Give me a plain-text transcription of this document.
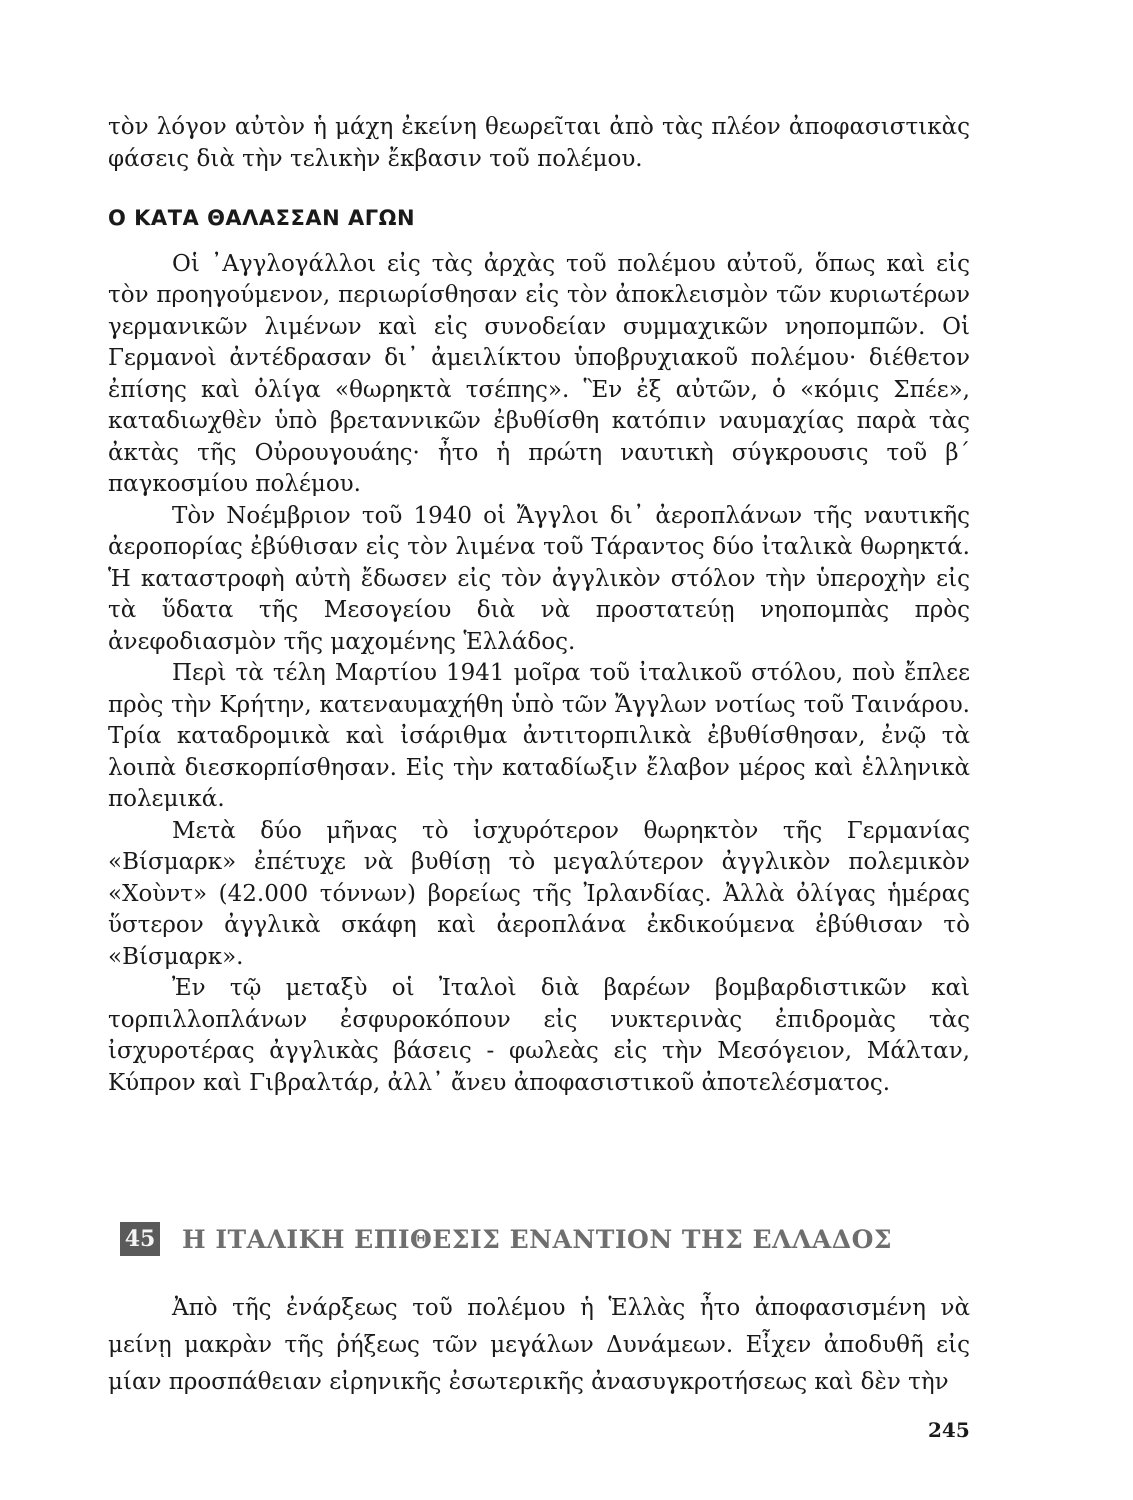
τὸν λόγον αὐτὸν ἡ μάχη ἐκείνη θεωρεῖται ἀπὸ τὰς πλέον ἀποφασιστικὰς φάσεις διὰ τὴν τελικὴν ἔκβασιν τοῦ πολέμου.

Ο ΚΑΤΑ ΘΑΛΑΣΣΑΝ ΑΓΩΝ

Οἱ ᾿Αγγλογάλλοι εἰς τὰς ἀρχὰς τοῦ πολέμου αὐτοῦ, ὅπως καὶ εἰς τὸν προηγούμενον, περιωρίσθησαν εἰς τὸν ἀποκλεισμὸν τῶν κυριωτέρων γερμανικῶν λιμένων καὶ εἰς συνοδείαν συμμαχικῶν νηοπομπῶν. Οἱ Γερμανοὶ ἀντέδρασαν δι᾿ ἀμειλίκτου ὑποβρυχιακοῦ πολέμου· διέθετον ἐπίσης καὶ ὀλίγα «θωρηκτὰ τσέπης». Ἓν ἐξ αὐτῶν, ὁ «κόμις Σπέε», καταδιωχθὲν ὑπὸ βρεταννικῶν ἐβυθίσθη κατόπιν ναυμαχίας παρὰ τὰς ἀκτὰς τῆς Οὐρουγουάης· ἦτο ἡ πρώτη ναυτικὴ σύγκρουσις τοῦ β΄ παγκοσμίου πολέμου.

Τὸν Νοέμβριον τοῦ 1940 οἱ Ἄγγλοι δι᾿ ἀεροπλάνων τῆς ναυτικῆς ἀεροπορίας ἐβύθισαν εἰς τὸν λιμένα τοῦ Τάραντος δύο ἰταλικὰ θωρηκτά. Ἡ καταστροφὴ αὐτὴ ἔδωσεν εἰς τὸν ἀγγλικὸν στόλον τὴν ὑπεροχὴν εἰς τὰ ὕδατα τῆς Μεσογείου διὰ νὰ προστατεύῃ νηοπομπὰς πρὸς ἀνεφοδιασμὸν τῆς μαχομένης Ἑλλάδος.

Περὶ τὰ τέλη Μαρτίου 1941 μοῖρα τοῦ ἰταλικοῦ στόλου, ποὺ ἔπλεε πρὸς τὴν Κρήτην, κατεναυμαχήθη ὑπὸ τῶν Ἄγγλων νοτίως τοῦ Ταινάρου. Τρία καταδρομικὰ καὶ ἰσάριθμα ἀντιτορπιλικὰ ἐβυθίσθησαν, ἐνῷ τὰ λοιπὰ διεσκορπίσθησαν. Εἰς τὴν καταδίωξιν ἔλαβον μέρος καὶ ἑλληνικὰ πολεμικά.

Μετὰ δύο μῆνας τὸ ἰσχυρότερον θωρηκτὸν τῆς Γερμανίας «Βίσμαρκ» ἐπέτυχε νὰ βυθίσῃ τὸ μεγαλύτερον ἀγγλικὸν πολεμικὸν «Χοὺντ» (42.000 τόννων) βορείως τῆς Ἰρλανδίας. Ἀλλὰ ὀλίγας ἡμέρας ὕστερον ἀγγλικὰ σκάφη καὶ ἀεροπλάνα ἐκδικούμενα ἐβύθισαν τὸ «Βίσμαρκ».

Ἐν τῷ μεταξὺ οἱ Ἰταλοὶ διὰ βαρέων βομβαρδιστικῶν καὶ τορπιλλοπλάνων ἐσφυροκόπουν εἰς νυκτερινὰς ἐπιδρομὰς τὰς ἰσχυροτέρας ἀγγλικὰς βάσεις - φωλεὰς εἰς τὴν Μεσόγειον, Μάλταν, Κύπρον καὶ Γιβραλτάρ, ἀλλ᾿ ἄνευ ἀποφασιστικοῦ ἀποτελέσματος.

45 Η ΙΤΑΛΙΚΗ ΕΠΙΘΕΣΙΣ ΕΝΑΝΤΙΟΝ ΤΗΣ ΕΛΛΑΔΟΣ

Ἀπὸ τῆς ἐνάρξεως τοῦ πολέμου ἡ Ἑλλὰς ἦτο ἀποφασισμένη νὰ μείνῃ μακρὰν τῆς ῥήξεως τῶν μεγάλων Δυνάμεων. Εἶχεν ἀποδυθῆ εἰς μίαν προσπάθειαν εἰρηνικῆς ἐσωτερικῆς ἀνασυγκροτήσεως καὶ δὲν τὴν

245
